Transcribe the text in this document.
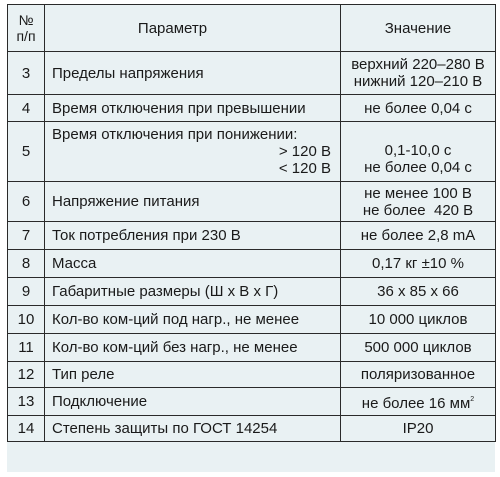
№
п/п	Параметр	Значение
3	Пределы напряжения	верхний 220–280 В
нижний 120–210 В

4	Время отключения при превышении	не более 0,04 с
5	Время отключения при понижении:
> 120 В
< 120 В	0,1-10,0 с
не более 0,04 с

6	Напряжение питания	не менее 100 В
не более  420 В

7	Ток потребления при 230 В	не более 2,8 mA
8	Масса	0,17 кг ±10 %
9	Габаритные размеры (Ш х В х Г)	36 х 85 х 66
10	Кол-во ком-ций под нагр., не менее	10 000 циклов
11	Кол-во ком-ций без нагр., не менее	500 000 циклов
12	Тип реле	поляризованное
13	Подключение	не более 16 $мм^2$
14	Степень защиты по ГОСТ 14254	IP20
